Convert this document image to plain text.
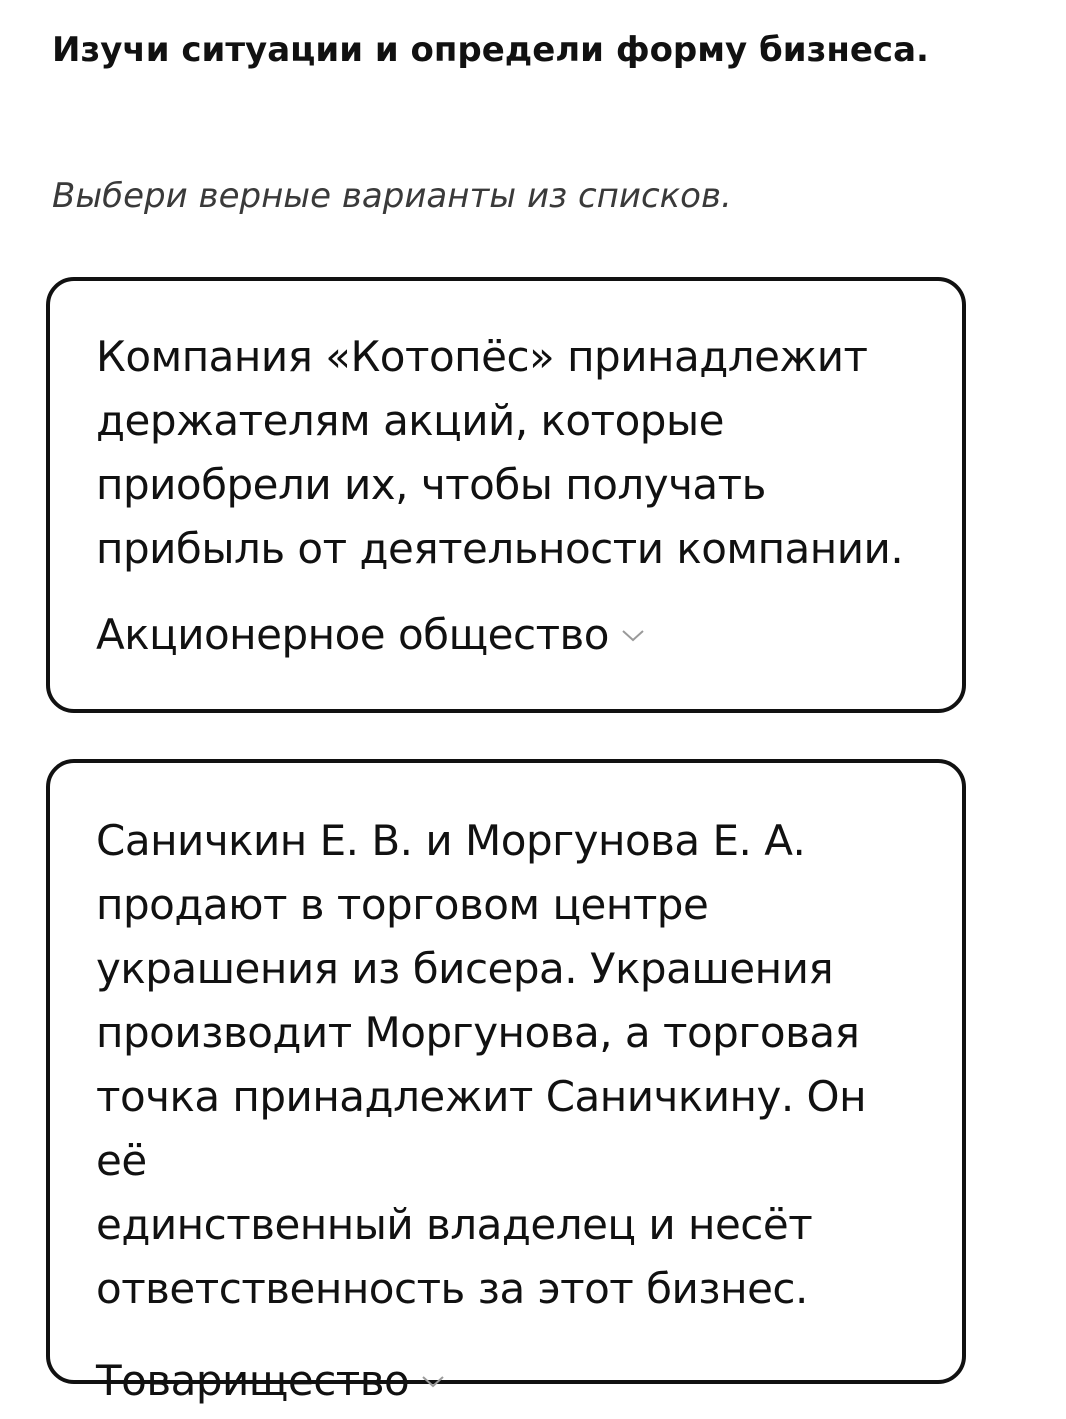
Изучи ситуации и определи форму бизнеса.

Выбери верные варианты из списков.

Компания «Котопёс» принадлежит
держателям акций, которые
приобрели их, чтобы получать
прибыль от деятельности компании.

Акционерное общество

Саничкин Е. В. и Моргунова Е. А.
продают в торговом центре
украшения из бисера. Украшения
производит Моргунова, а торговая
точка принадлежит Саничкину. Он её
единственный владелец и несёт
ответственность за этот бизнес.

Товарищество
